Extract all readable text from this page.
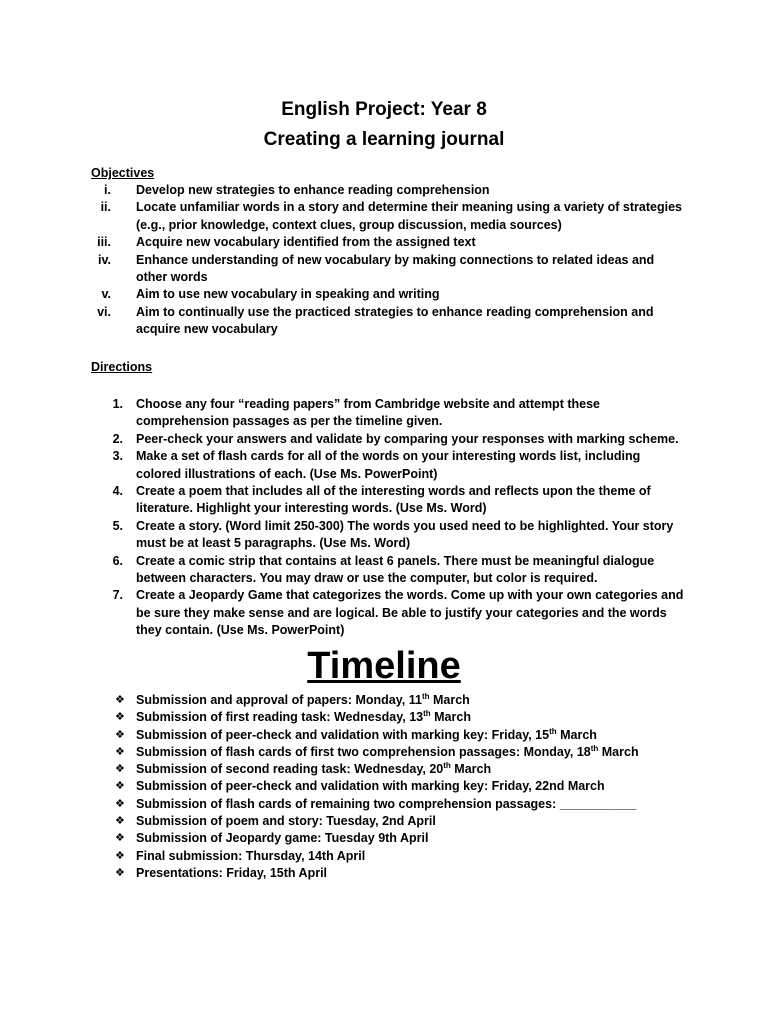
English Project: Year 8
Creating a learning journal
Objectives
i.	Develop new strategies to enhance reading comprehension
ii.	Locate unfamiliar words in a story and determine their meaning using a variety of strategies (e.g., prior knowledge, context clues, group discussion, media sources)
iii.	Acquire new vocabulary identified from the assigned text
iv.	Enhance understanding of new vocabulary by making connections to related ideas and other words
v.	Aim to use new vocabulary in speaking and writing
vi.	Aim to continually use the practiced strategies to enhance reading comprehension and acquire new vocabulary
Directions
1.	Choose any four “reading papers” from Cambridge website and attempt these comprehension passages as per the timeline given.
2.	Peer-check your answers and validate by comparing your responses with marking scheme.
3.	Make a set of flash cards for all of the words on your interesting words list, including colored illustrations of each. (Use Ms. PowerPoint)
4.	Create a poem that includes all of the interesting words and reflects upon the theme of literature. Highlight your interesting words. (Use Ms. Word)
5.	Create a story. (Word limit 250-300) The words you used need to be highlighted. Your story must be at least 5 paragraphs. (Use Ms. Word)
6.	Create a comic strip that contains at least 6 panels. There must be meaningful dialogue between characters. You may draw or use the computer, but color is required.
7.	Create a Jeopardy Game that categorizes the words. Come up with your own categories and be sure they make sense and are logical. Be able to justify your categories and the words they contain. (Use Ms. PowerPoint)
Timeline
❖ Submission and approval of papers: Monday, 11th March
❖ Submission of first reading task: Wednesday, 13th March
❖ Submission of peer-check and validation with marking key: Friday, 15th March
❖ Submission of flash cards of first two comprehension passages: Monday, 18th March
❖ Submission of second reading task: Wednesday, 20th March
❖ Submission of peer-check and validation with marking key: Friday, 22nd March
❖ Submission of flash cards of remaining two comprehension passages: ___________
❖ Submission of poem and story: Tuesday, 2nd April
❖ Submission of Jeopardy game: Tuesday 9th April
❖ Final submission: Thursday, 14th April
❖ Presentations: Friday, 15th April
